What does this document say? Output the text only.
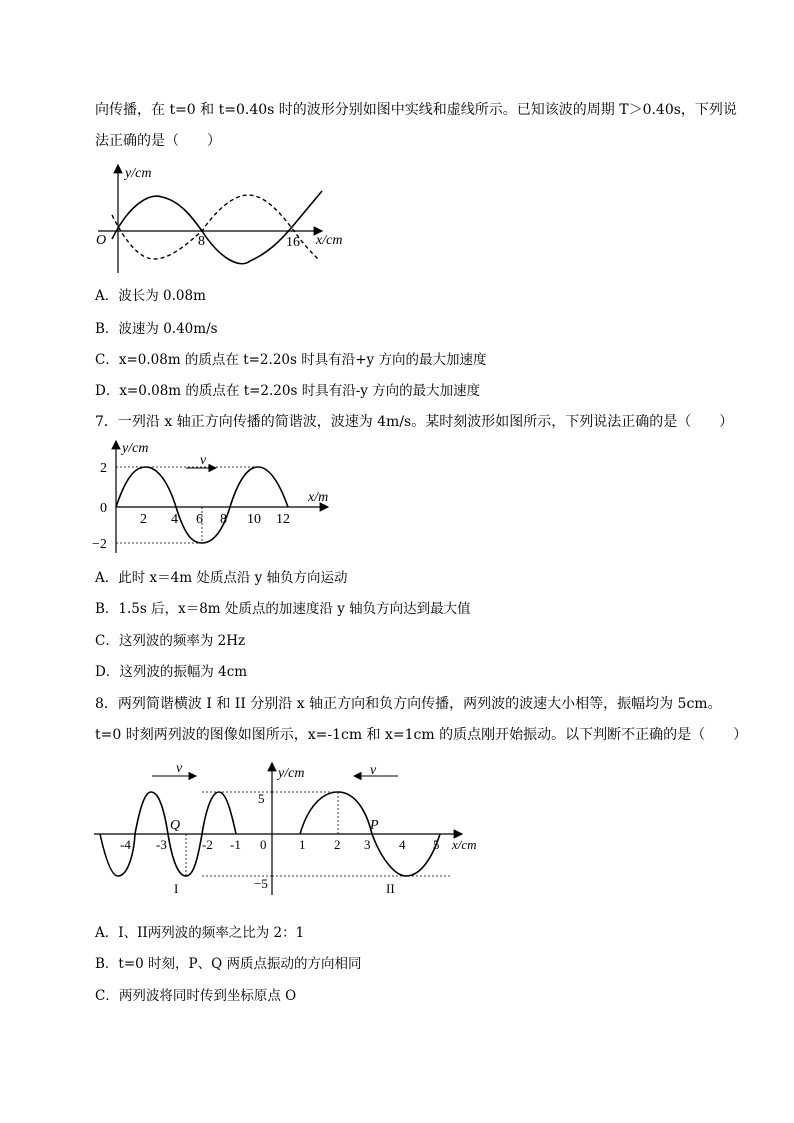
向传播，在 t=0 和 t=0.40s 时的波形分别如图中实线和虚线所示。已知该波的周期 T＞0.40s，下列说
法正确的是（　　）
y/cm
x/cm
O	8	16
A．波长为 0.08m
B．波速为 0.40m/s
C．x=0.08m 的质点在 t=2.20s 时具有沿+y 方向的最大加速度
D．x=0.08m 的质点在 t=2.20s 时具有沿-y 方向的最大加速度
7．一列沿 x 轴正方向传播的简谐波，波速为 4m/s。某时刻波形如图所示，下列说法正确的是（　　）
v
y/cm
x/m
2
0
−2
2 4 6 8 10 12
A．此时 x＝4m 处质点沿 y 轴负方向运动
B．1.5s 后，x＝8m 处质点的加速度沿 y 轴负方向达到最大值
C．这列波的频率为 2Hz
D．这列波的振幅为 4cm
8．两列简谐横波 I 和 II 分别沿 x 轴正方向和负方向传播，两列波的波速大小相等，振幅均为 5cm。
t=0 时刻两列波的图像如图所示，x=-1cm 和 x=1cm 的质点刚开始振动。以下判断不正确的是（　　）
v	v
y/cm
x/cm
5
−5
Q	P
I	II
-4 -3	-2 -1 0	1 2 3 4 5
A．I、II两列波的频率之比为 2：1
B．t=0 时刻，P、Q 两质点振动的方向相同
C．两列波将同时传到坐标原点 O
